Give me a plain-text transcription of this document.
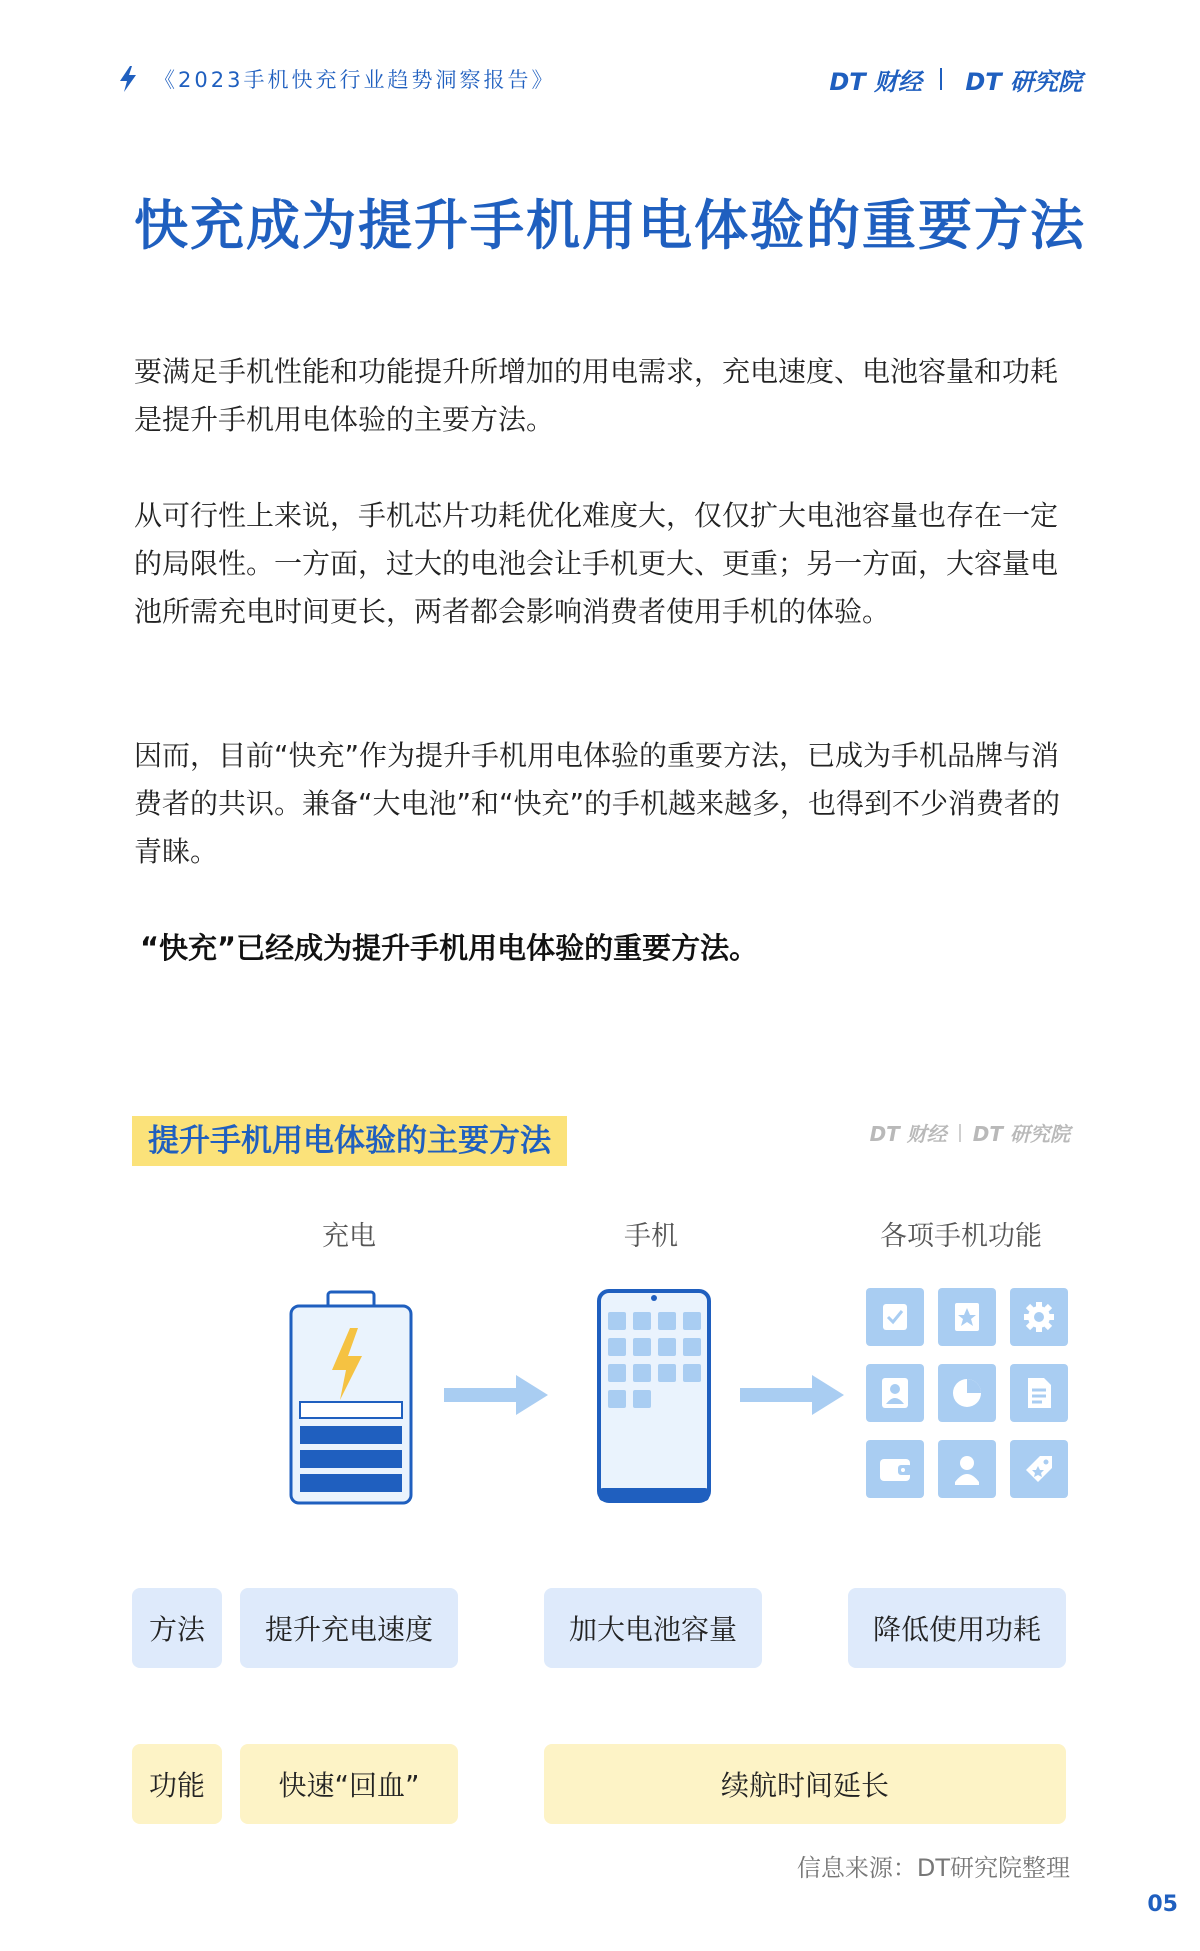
《2023手机快充行业趋势洞察报告》	DT 财经 DT 研究院
快充成为提升手机用电体验的重要方法

要满足手机性能和功能提升所增加的用电需求，充电速度、电池容量和功耗是提升手机用电体验的主要方法。

从可行性上来说，手机芯片功耗优化难度大，仅仅扩大电池容量也存在一定的局限性。一方面，过大的电池会让手机更大、更重；另一方面，大容量电池所需充电时间更长，两者都会影响消费者使用手机的体验。

因而，目前“快充”作为提升手机用电体验的重要方法，已成为手机品牌与消费者的共识。兼备“大电池”和“快充”的手机越来越多，也得到不少消费者的青睐。

“快充”已经成为提升手机用电体验的重要方法。
提升手机用电体验的主要方法	DT 财经 DT 研究院
充电	手机	各项手机功能
方法	提升充电速度	加大电池容量	降低使用功耗
功能	快速“回血”	续航时间延长
信息来源：DT研究院整理
05
